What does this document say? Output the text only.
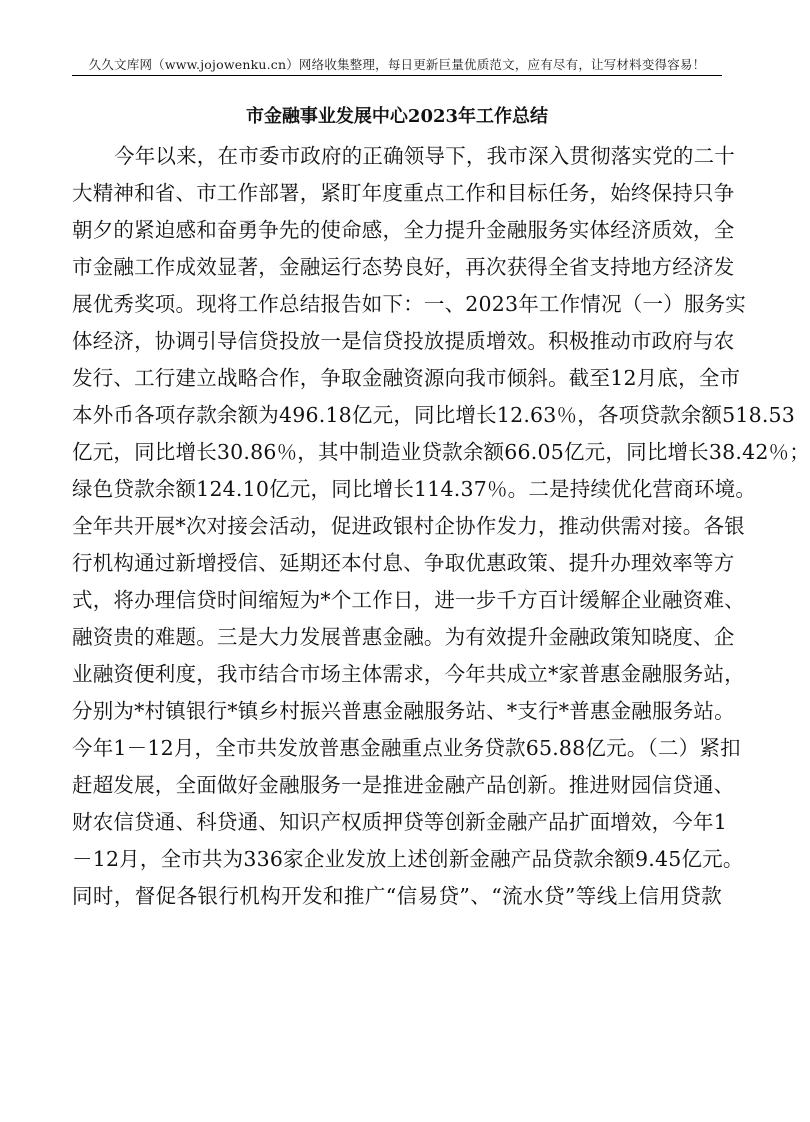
久久文库网（www.jojowenku.cn）网络收集整理，每日更新巨量优质范文，应有尽有，让写材料变得容易！
市金融事业发展中心2023年工作总结
今年以来，在市委市政府的正确领导下，我市深入贯彻落实党的二十
大精神和省、市工作部署，紧盯年度重点工作和目标任务，始终保持只争
朝夕的紧迫感和奋勇争先的使命感，全力提升金融服务实体经济质效，全
市金融工作成效显著，金融运行态势良好，再次获得全省支持地方经济发
展优秀奖项。现将工作总结报告如下：一、2023年工作情况（一）服务实
体经济，协调引导信贷投放一是信贷投放提质增效。积极推动市政府与农
发行、工行建立战略合作，争取金融资源向我市倾斜。截至12月底，全市
本外币各项存款余额为496.18亿元，同比增长12.63％，各项贷款余额518.53
亿元，同比增长30.86％，其中制造业贷款余额66.05亿元，同比增长38.42％；
绿色贷款余额124.10亿元，同比增长114.37％。二是持续优化营商环境。
全年共开展*次对接会活动，促进政银村企协作发力，推动供需对接。各银
行机构通过新增授信、延期还本付息、争取优惠政策、提升办理效率等方
式，将办理信贷时间缩短为*个工作日，进一步千方百计缓解企业融资难、
融资贵的难题。三是大力发展普惠金融。为有效提升金融政策知晓度、企
业融资便利度，我市结合市场主体需求，今年共成立*家普惠金融服务站，
分别为*村镇银行*镇乡村振兴普惠金融服务站、*支行*普惠金融服务站。
今年1－12月，全市共发放普惠金融重点业务贷款65.88亿元。（二）紧扣
赶超发展，全面做好金融服务一是推进金融产品创新。推进财园信贷通、
财农信贷通、科贷通、知识产权质押贷等创新金融产品扩面增效，今年1
－12月，全市共为336家企业发放上述创新金融产品贷款余额9.45亿元。
同时，督促各银行机构开发和推广“信易贷”、“流水贷”等线上信用贷款
